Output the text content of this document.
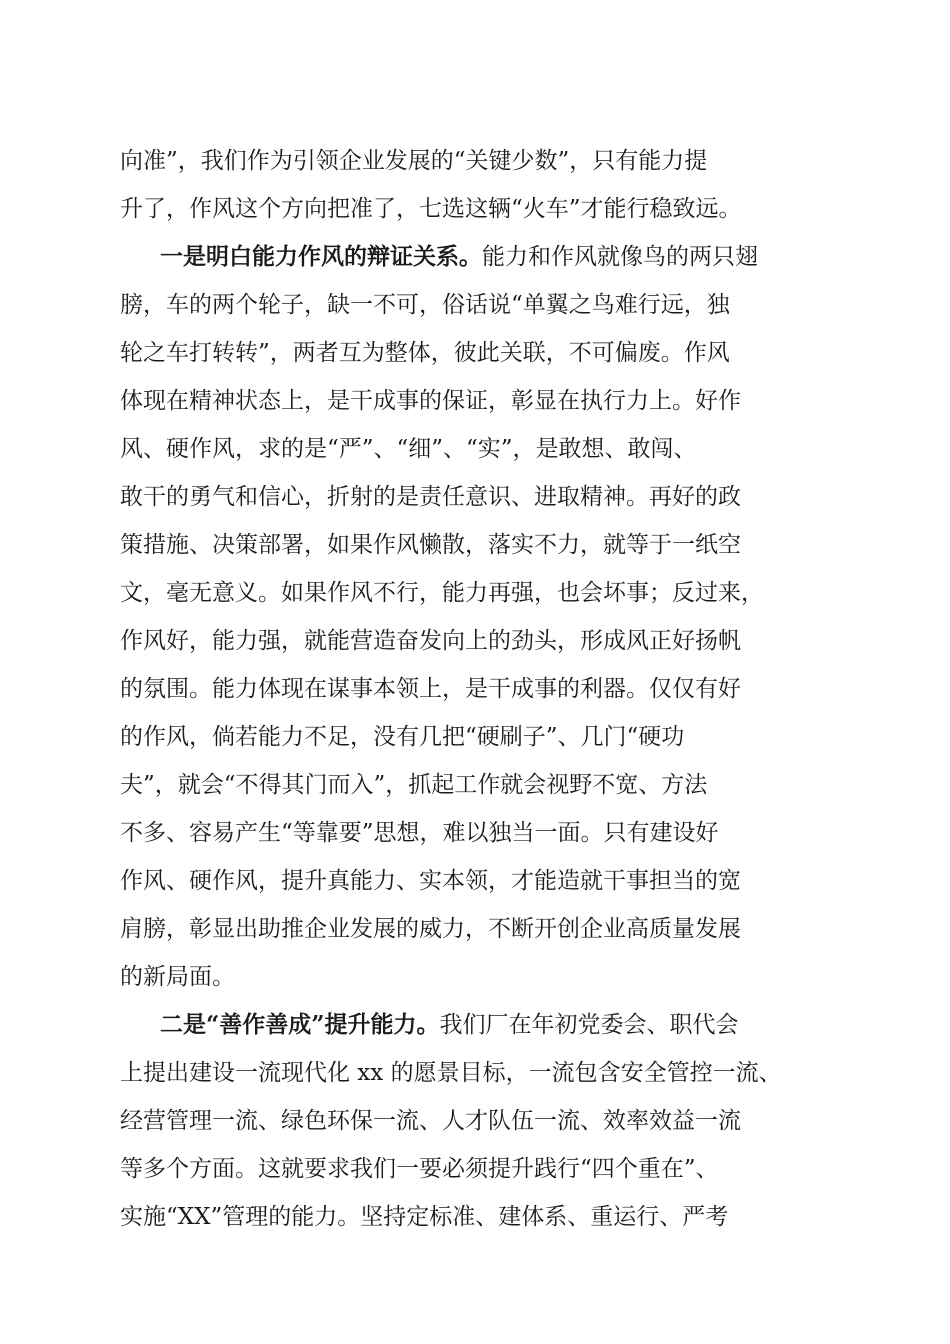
向准”，我们作为引领企业发展的“关键少数”，只有能力提
升了，作风这个方向把准了，七选这辆“火车”才能行稳致远。
一是明白能力作风的辩证关系。能力和作风就像鸟的两只翅
膀，车的两个轮子，缺一不可，俗话说“单翼之鸟难行远，独
轮之车打转转”，两者互为整体，彼此关联，不可偏废。作风
体现在精神状态上，是干成事的保证，彰显在执行力上。好作
风、硬作风，求的是“严”、“细”、“实”，是敢想、敢闯、
敢干的勇气和信心，折射的是责任意识、进取精神。再好的政
策措施、决策部署，如果作风懒散，落实不力，就等于一纸空
文，毫无意义。如果作风不行，能力再强，也会坏事；反过来，
作风好，能力强，就能营造奋发向上的劲头，形成风正好扬帆
的氛围。能力体现在谋事本领上，是干成事的利器。仅仅有好
的作风，倘若能力不足，没有几把“硬刷子”、几门“硬功
夫”，就会“不得其门而入”，抓起工作就会视野不宽、方法
不多、容易产生“等靠要”思想，难以独当一面。只有建设好
作风、硬作风，提升真能力、实本领，才能造就干事担当的宽
肩膀，彰显出助推企业发展的威力，不断开创企业高质量发展
的新局面。
二是“善作善成”提升能力。我们厂在年初党委会、职代会
上提出建设一流现代化 xx 的愿景目标，一流包含安全管控一流、
经营管理一流、绿色环保一流、人才队伍一流、效率效益一流
等多个方面。这就要求我们一要必须提升践行“四个重在”、
实施“XX”管理的能力。坚持定标准、建体系、重运行、严考
